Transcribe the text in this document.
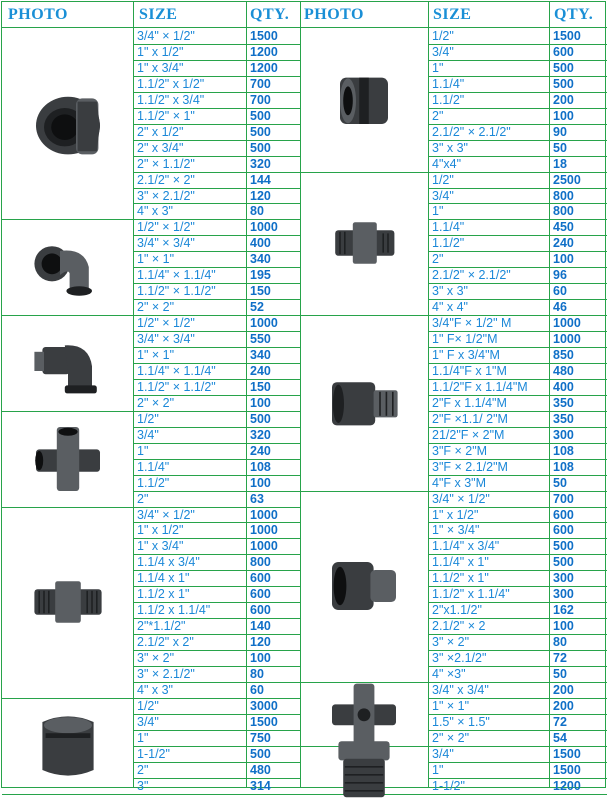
PHOTO	SIZE	QTY. PHOTO	SIZE	QTY.
3/4" × 1/2"	1500
1" x 1/2"	1200
1" x 3/4"	1200
1.1/2" x 1/2"	700
1.1/2" x 3/4"	700
1.1/2" × 1"	500
2" x 1/2"	500
2" x 3/4"	500
2" × 1.1/2"	320
2.1/2" × 2"	144
3" × 2.1/2"	120
4" x 3"	80
1/2" × 1/2"	1000
3/4" × 3/4"	400
1" × 1"	340
1.1/4" × 1.1/4"	195
1.1/2" × 1.1/2"	150
2" × 2"	52
1/2" × 1/2"	1000
3/4" × 3/4"	550
1" × 1"	340
1.1/4" × 1.1/4"	240
1.1/2" × 1.1/2"	150
2" × 2"	100
1/2"	500
3/4"	320
1"	240
1.1/4"	108
1.1/2"	100
2"	63
3/4" × 1/2"	1000
1" x 1/2"	1000
1" x 3/4"	1000
1.1/4 x 3/4"	800
1.1/4 x 1"	600
1.1/2 x 1"	600
1.1/2 x 1.1/4"	600
2"*1.1/2"	140
2.1/2" x 2"	120
3" × 2"	100
3" × 2.1/2"	80
4" x 3"	60
1/2"	3000
3/4"	1500
1"	750
1-1/2"	500
2"	480
3"	314
1/2"	1500
3/4"	600
1"	500
1.1/4"	500
1.1/2"	200
2"	100
2.1/2" × 2.1/2"	90
3" x 3"	50
4"x4"	18
1/2"	2500
3/4"	800
1"	800
1.1/4"	450
1.1/2"	240
2"	100
2.1/2" × 2.1/2"	96
3" x 3"	60
4" x 4"	46
3/4"F × 1/2" M	1000
1" F× 1/2"M	1000
1" F x 3/4"M	850
1.1/4"F x 1"M	480
1.1/2"F x 1.1/4"M	400
2"F x 1.1/4"M	350
2"F ×1.1/ 2"M	350
21/2"F × 2"M	300
3"F × 2"M	108
3"F × 2.1/2"M	108
4"F x 3"M	50
3/4" × 1/2"	700
1" x 1/2"	600
1" × 3/4"	600
1.1/4" x 3/4"	500
1.1/4" x 1"	500
1.1/2" x 1"	300
1.1/2" x 1.1/4"	300
2"x1.1/2"	162
2.1/2" × 2	100
3" × 2"	80
3" ×2.1/2"	72
4" ×3"	50
3/4" x 3/4"	200
1" × 1"	200
1.5" × 1.5"	72
2" × 2"	54
3/4"	1500
1"	1500
1-1/2"	1200
